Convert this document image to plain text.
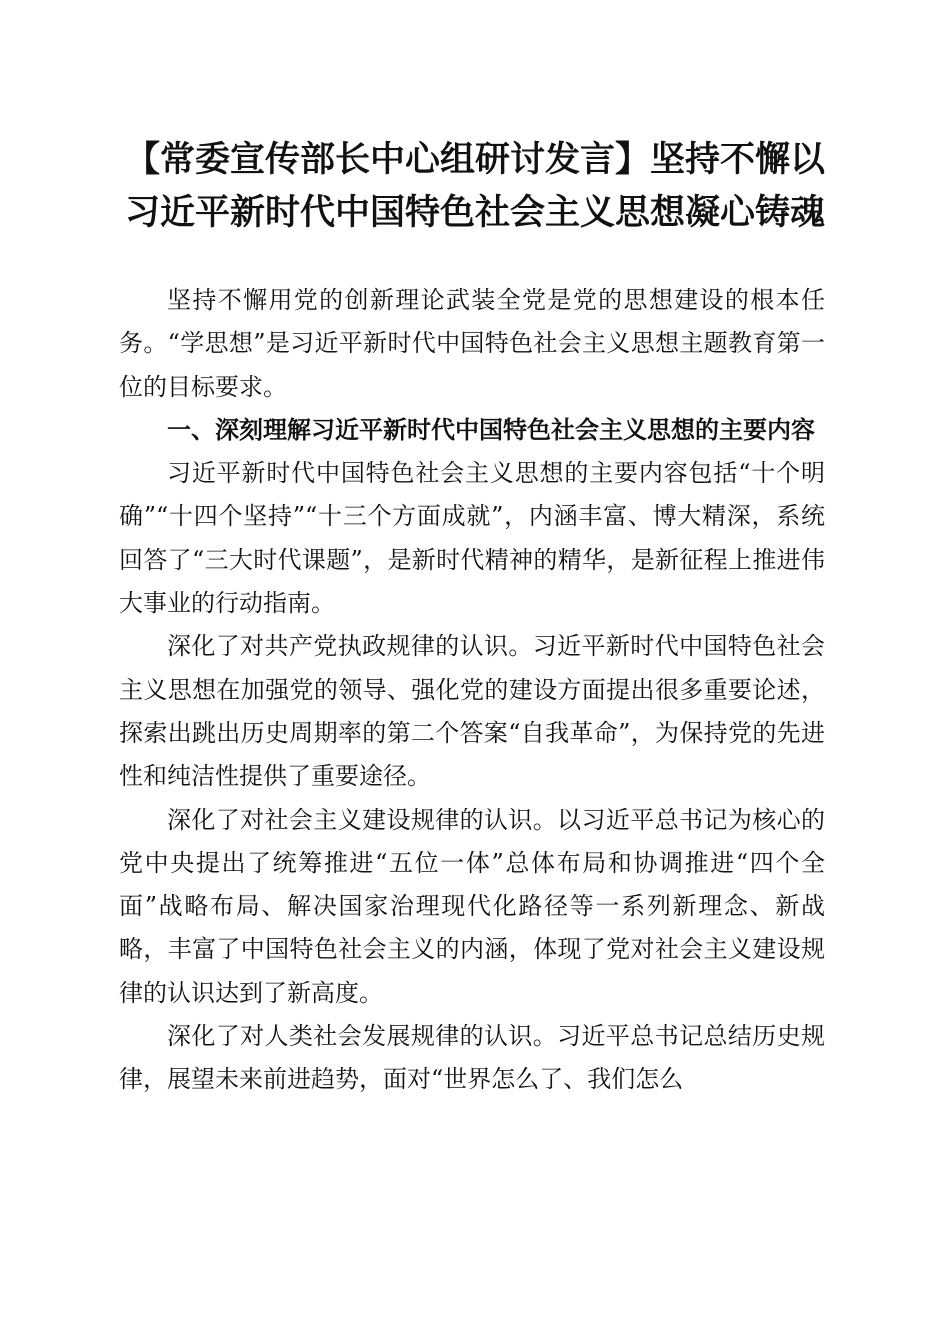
【常委宣传部长中心组研讨发言】坚持不懈以
习近平新时代中国特色社会主义思想凝心铸魂

坚持不懈用党的创新理论武装全党是党的思想建设的根本任务。“学思想”是习近平新时代中国特色社会主义思想主题教育第一位的目标要求。

一、深刻理解习近平新时代中国特色社会主义思想的主要内容

习近平新时代中国特色社会主义思想的主要内容包括“十个明确”“十四个坚持”“十三个方面成就”，内涵丰富、博大精深，系统回答了“三大时代课题”，是新时代精神的精华，是新征程上推进伟大事业的行动指南。

深化了对共产党执政规律的认识。习近平新时代中国特色社会主义思想在加强党的领导、强化党的建设方面提出很多重要论述，探索出跳出历史周期率的第二个答案“自我革命”，为保持党的先进性和纯洁性提供了重要途径。

深化了对社会主义建设规律的认识。以习近平总书记为核心的党中央提出了统筹推进“五位一体”总体布局和协调推进“四个全面”战略布局、解决国家治理现代化路径等一系列新理念、新战略，丰富了中国特色社会主义的内涵，体现了党对社会主义建设规律的认识达到了新高度。

深化了对人类社会发展规律的认识。习近平总书记总结历史规律，展望未来前进趋势，面对“世界怎么了、我们怎么
